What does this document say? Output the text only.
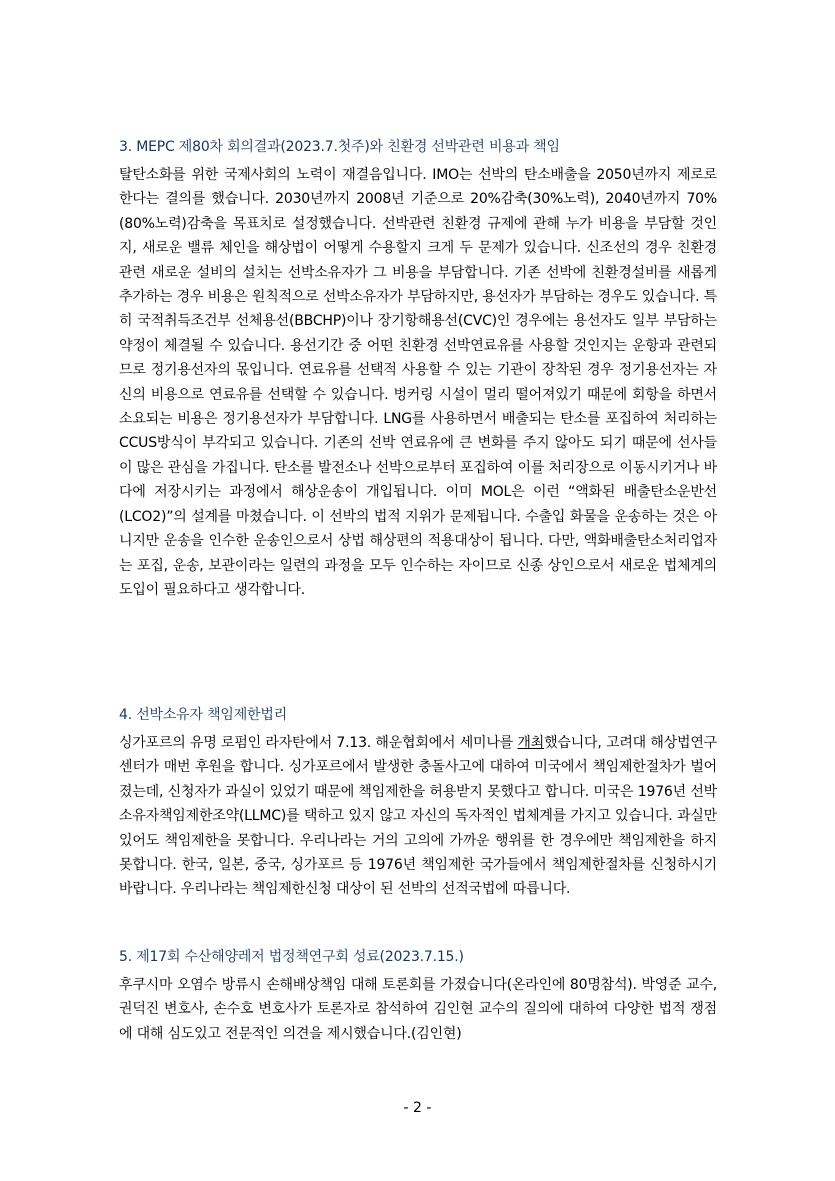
3. MEPC 제80차 회의결과(2023.7.첫주)와 친환경 선박관련 비용과 책임
탈탄소화를 위한 국제사회의 노력이 재결음입니다. IMO는 선박의 탄소배출을 2050년까지 제로로 한다는 결의를 했습니다. 2030년까지 2008년 기준으로 20%감축(30%노력), 2040년까지 70%(80%노력)감축을 목표치로 설정했습니다. 선박관련 친환경 규제에 관해 누가 비용을 부담할 것인지, 새로운 밸류 체인을 해상법이 어떻게 수용할지 크게 두 문제가 있습니다. 신조선의 경우 친환경 관련 새로운 설비의 설치는 선박소유자가 그 비용을 부담합니다. 기존 선박에 친환경설비를 새롭게 추가하는 경우 비용은 원칙적으로 선박소유자가 부담하지만, 용선자가 부담하는 경우도 있습니다. 특히 국적취득조건부 선체용선(BBCHP)이나 장기항해용선(CVC)인 경우에는 용선자도 일부 부담하는 약정이 체결될 수 있습니다. 용선기간 중 어떤 친환경 선박연료유를 사용할 것인지는 운항과 관련되므로 정기용선자의 몫입니다. 연료유를 선택적 사용할 수 있는 기관이 장착된 경우 정기용선자는 자신의 비용으로 연료유를 선택할 수 있습니다. 벙커링 시설이 멀리 떨어져있기 때문에 회항을 하면서 소요되는 비용은 정기용선자가 부담합니다. LNG를 사용하면서 배출되는 탄소를 포집하여 처리하는 CCUS방식이 부각되고 있습니다. 기존의 선박 연료유에 큰 변화를 주지 않아도 되기 때문에 선사들이 많은 관심을 가집니다. 탄소를 발전소나 선박으로부터 포집하여 이를 처리장으로 이동시키거나 바다에 저장시키는 과정에서 해상운송이 개입됩니다. 이미 MOL은 이런 “액화된 배출탄소운반선(LCO2)”의 설계를 마쳤습니다. 이 선박의 법적 지위가 문제됩니다. 수출입 화물을 운송하는 것은 아니지만 운송을 인수한 운송인으로서 상법 해상편의 적용대상이 됩니다. 다만, 액화배출탄소처리업자는 포집, 운송, 보관이라는 일련의 과정을 모두 인수하는 자이므로 신종 상인으로서 새로운 법체계의 도입이 필요하다고 생각합니다.
4. 선박소유자 책임제한법리
싱가포르의 유명 로펌인 라자탄에서 7.13. 해운협회에서 세미나를 개최했습니다, 고려대 해상법연구센터가 매번 후원을 합니다. 싱가포르에서 발생한 충돌사고에 대하여 미국에서 책임제한절차가 벌어졌는데, 신청자가 과실이 있었기 때문에 책임제한을 허용받지 못했다고 합니다. 미국은 1976년 선박소유자책임제한조약(LLMC)를 택하고 있지 않고 자신의 독자적인 법체계를 가지고 있습니다. 과실만 있어도 책임제한을 못합니다. 우리나라는 거의 고의에 가까운 행위를 한 경우에만 책임제한을 하지 못합니다. 한국, 일본, 중국, 싱가포르 등 1976년 책임제한 국가들에서 책임제한절차를 신청하시기 바랍니다. 우리나라는 책임제한신청 대상이 된 선박의 선적국법에 따릅니다.
5. 제17회 수산해양레저 법정책연구회 성료(2023.7.15.)
후쿠시마 오염수 방류시 손해배상책임 대해 토론회를 가졌습니다(온라인에 80명참석). 박영준 교수, 권덕진 변호사, 손수호 변호사가 토론자로 참석하여 김인현 교수의 질의에 대하여 다양한 법적 쟁점에 대해 심도있고 전문적인 의견을 제시했습니다.(김인현)
- 2 -
